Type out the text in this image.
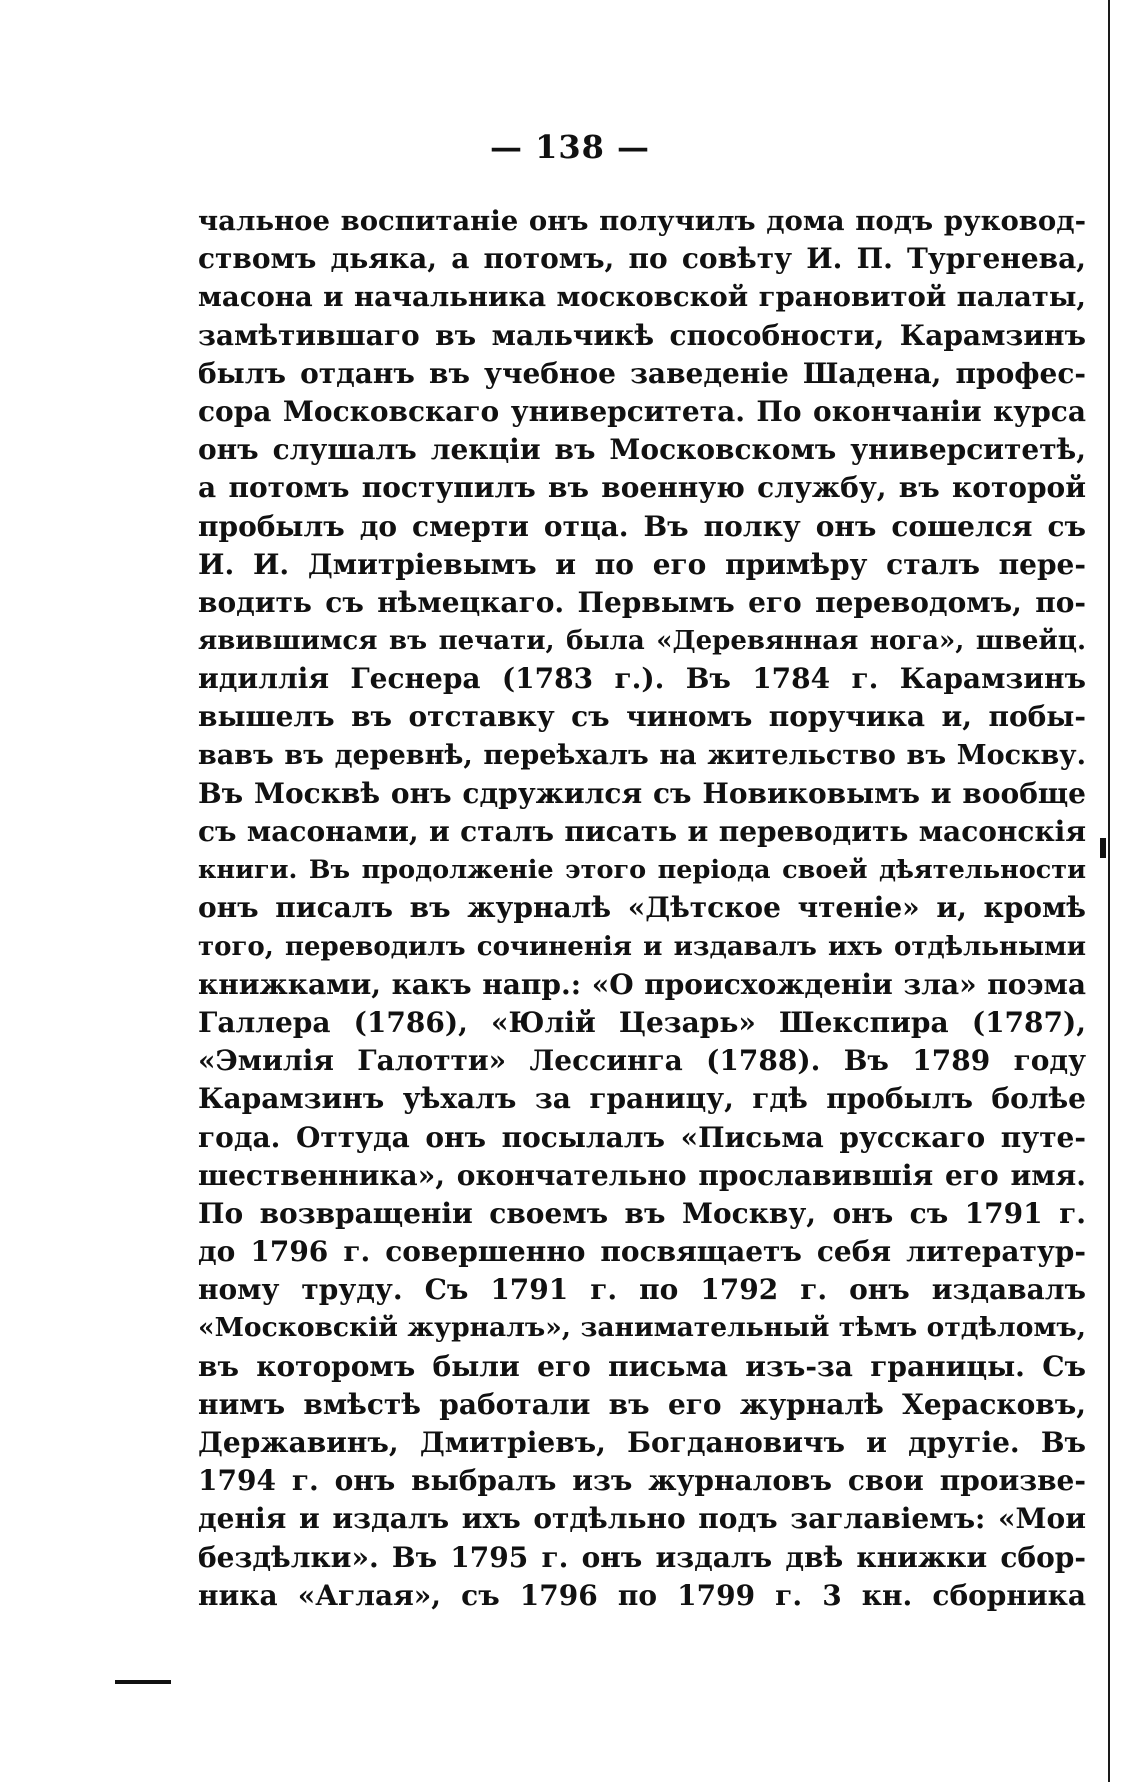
— 138 —
чальное воспитаніе онъ получилъ дома подъ руковод-
ствомъ дьяка, а потомъ, по совѣту И. П. Тургенева,
масона и начальника московской грановитой палаты,
замѣтившаго въ мальчикѣ способности, Карамзинъ
былъ отданъ въ учебное заведеніе Шадена, профес-
сора Московскаго университета. По окончаніи курса
онъ слушалъ лекціи въ Московскомъ университетѣ,
а потомъ поступилъ въ военную службу, въ которой
пробылъ до смерти отца. Въ полку онъ сошелся съ
И. И. Дмитріевымъ и по его примѣру сталъ пере-
водить съ нѣмецкаго. Первымъ его переводомъ, по-
явившимся въ печати, была «Деревянная нога», швейц.
идиллія Геснера (1783 г.). Въ 1784 г. Карамзинъ
вышелъ въ отставку съ чиномъ поручика и, побы-
вавъ въ деревнѣ, переѣхалъ на жительство въ Москву.
Въ Москвѣ онъ сдружился съ Новиковымъ и вообще
съ масонами, и сталъ писать и переводить масонскія
книги. Въ продолженіе этого періода своей дѣятельности
онъ писалъ въ журналѣ «Дѣтское чтеніе» и, кромѣ
того, переводилъ сочиненія и издавалъ ихъ отдѣльными
книжками, какъ напр.: «О происхожденіи зла» поэма
Галлера (1786), «Юлій Цезарь» Шекспира (1787),
«Эмилія Галотти» Лессинга (1788). Въ 1789 году
Карамзинъ уѣхалъ за границу, гдѣ пробылъ болѣе
года. Оттуда онъ посылалъ «Письма русскаго путе-
шественника», окончательно прославившія его имя.
По возвращеніи своемъ въ Москву, онъ съ 1791 г.
до 1796 г. совершенно посвящаетъ себя литератур-
ному труду. Съ 1791 г. по 1792 г. онъ издавалъ
«Московскій журналъ», занимательный тѣмъ отдѣломъ,
въ которомъ были его письма изъ-за границы. Съ
нимъ вмѣстѣ работали въ его журналѣ Херасковъ,
Державинъ, Дмитріевъ, Богдановичъ и другіе. Въ
1794 г. онъ выбралъ изъ журналовъ свои произве-
денія и издалъ ихъ отдѣльно подъ заглавіемъ: «Мои
бездѣлки». Въ 1795 г. онъ издалъ двѣ книжки сбор-
ника «Аглая», съ 1796 по 1799 г. 3 кн. сборника
